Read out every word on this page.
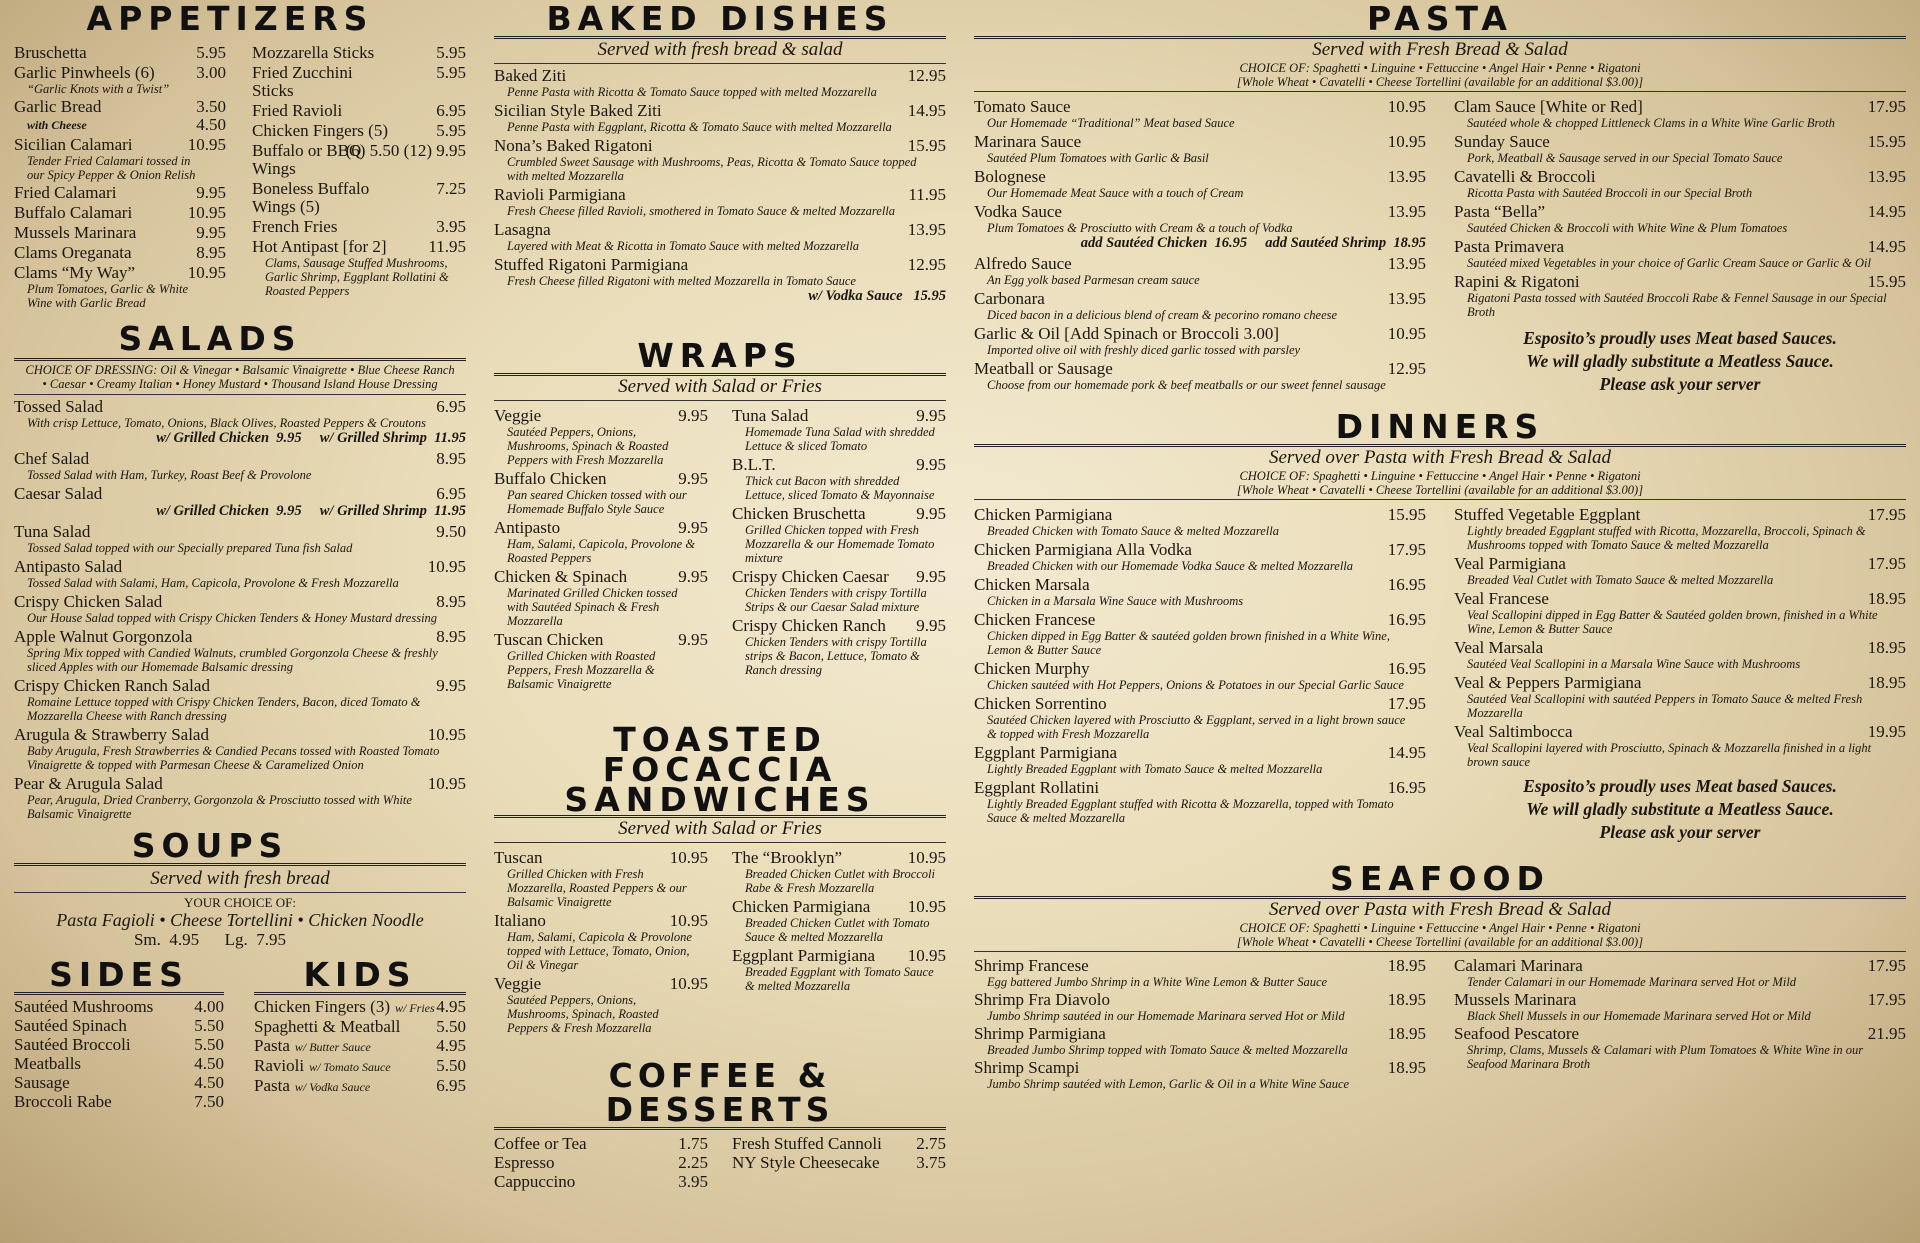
APPETIZERS
Bruschetta	5.95
Garlic Pinwheels (6)	3.00
“Garlic Knots with a Twist”
Garlic Bread	3.50
with Cheese	4.50
Sicilian Calamari	10.95
Tender Fried Calamari tossed in our Spicy Pepper & Onion Relish
Fried Calamari	9.95
Buffalo Calamari	10.95
Mussels Marinara	9.95
Clams Oreganata	8.95
Clams “My Way”	10.95
Plum Tomatoes, Garlic & White Wine with Garlic Bread
Mozzarella Sticks	5.95
Fried Zucchini Sticks
5.95
Fried Ravioli	6.95
Chicken Fingers (5)	5.95
Buffalo or BBQ Wings
(6) 5.50 (12) 9.95
Boneless Buffalo Wings (5)
7.25
French Fries	3.95
Hot Antipast [for 2]	11.95
Clams, Sausage Stuffed Mushrooms, Garlic Shrimp, Eggplant Rollatini & Roasted Peppers
SALADS
CHOICE OF DRESSING: Oil & Vinegar • Balsamic Vinaigrette • Blue Cheese Ranch • Caesar • Creamy Italian • Honey Mustard • Thousand Island House Dressing
Tossed Salad	6.95
With crisp Lettuce, Tomato, Onions, Black Olives, Roasted Peppers & Croutons
w/ Grilled Chicken  9.95     w/ Grilled Shrimp  11.95
Chef Salad	8.95
Tossed Salad with Ham, Turkey, Roast Beef & Provolone
Caesar Salad	6.95
w/ Grilled Chicken  9.95     w/ Grilled Shrimp  11.95
Tuna Salad	9.50
Tossed Salad topped with our Specially prepared Tuna fish Salad
Antipasto Salad	10.95
Tossed Salad with Salami, Ham, Capicola, Provolone & Fresh Mozzarella
Crispy Chicken Salad	8.95
Our House Salad topped with Crispy Chicken Tenders & Honey Mustard dressing
Apple Walnut Gorgonzola	8.95
Spring Mix topped with Candied Walnuts, crumbled Gorgonzola Cheese & freshly sliced Apples with our Homemade Balsamic dressing
Crispy Chicken Ranch Salad	9.95
Romaine Lettuce topped with Crispy Chicken Tenders, Bacon, diced Tomato & Mozzarella Cheese with Ranch dressing
Arugula & Strawberry Salad	10.95
Baby Arugula, Fresh Strawberries & Candied Pecans tossed with Roasted Tomato Vinaigrette & topped with Parmesan Cheese & Caramelized Onion
Pear & Arugula Salad	10.95
Pear, Arugula, Dried Cranberry, Gorgonzola & Prosciutto tossed with White Balsamic Vinaigrette
SOUPS
Served with fresh bread
YOUR CHOICE OF:
Pasta Fagioli • Cheese Tortellini • Chicken Noodle
Sm.  4.95      Lg.  7.95
SIDES
Sautéed Mushrooms	4.00
Sautéed Spinach	5.50
Sautéed Broccoli	5.50
Meatballs	4.50
Sausage	4.50
Broccoli Rabe	7.50
KIDS
Chicken Fingers (3) w/ Fries 4.95
Spaghetti & Meatball	5.50
Pasta w/ Butter Sauce	4.95
Ravioli w/ Tomato Sauce	5.50
Pasta w/ Vodka Sauce	6.95
BAKED DISHES
Served with fresh bread & salad
Baked Ziti	12.95
Penne Pasta with Ricotta & Tomato Sauce topped with melted Mozzarella
Sicilian Style Baked Ziti	14.95
Penne Pasta with Eggplant, Ricotta & Tomato Sauce with melted Mozzarella
Nona’s Baked Rigatoni	15.95
Crumbled Sweet Sausage with Mushrooms, Peas, Ricotta & Tomato Sauce topped with melted Mozzarella
Ravioli Parmigiana	11.95
Fresh Cheese filled Ravioli, smothered in Tomato Sauce & melted Mozzarella
Lasagna	13.95
Layered with Meat & Ricotta in Tomato Sauce with melted Mozzarella
Stuffed Rigatoni Parmigiana	12.95
Fresh Cheese filled Rigatoni with melted Mozzarella in Tomato Sauce
w/ Vodka Sauce   15.95
WRAPS
Served with Salad or Fries
Veggie	9.95
Sautéed Peppers, Onions, Mushrooms, Spinach & Roasted Peppers with Fresh Mozzarella
Buffalo Chicken	9.95
Pan seared Chicken tossed with our Homemade Buffalo Style Sauce
Antipasto	9.95
Ham, Salami, Capicola, Provolone & Roasted Peppers
Chicken & Spinach	9.95
Marinated Grilled Chicken tossed with Sautéed Spinach & Fresh Mozzarella
Tuscan Chicken	9.95
Grilled Chicken with Roasted Peppers, Fresh Mozzarella & Balsamic Vinaigrette
Tuna Salad	9.95
Homemade Tuna Salad with shredded Lettuce & sliced Tomato
B.L.T.	9.95
Thick cut Bacon with shredded Lettuce, sliced Tomato & Mayonnaise
Chicken Bruschetta	9.95
Grilled Chicken topped with Fresh Mozzarella & our Homemade Tomato mixture
Crispy Chicken Caesar	9.95
Chicken Tenders with crispy Tortilla Strips & our Caesar Salad mixture
Crispy Chicken Ranch	9.95
Chicken Tenders with crispy Tortilla strips & Bacon, Lettuce, Tomato & Ranch dressing
TOASTED FOCACCIA
SANDWICHES
Served with Salad or Fries
Tuscan	10.95
Grilled Chicken with Fresh Mozzarella, Roasted Peppers & our Balsamic Vinaigrette
Italiano	10.95
Ham, Salami, Capicola & Provolone topped with Lettuce, Tomato, Onion, Oil & Vinegar
Veggie	10.95
Sautéed Peppers, Onions, Mushrooms, Spinach, Roasted Peppers & Fresh Mozzarella
The “Brooklyn”	10.95
Breaded Chicken Cutlet with Broccoli Rabe & Fresh Mozzarella
Chicken Parmigiana	10.95
Breaded Chicken Cutlet with Tomato Sauce & melted Mozzarella
Eggplant Parmigiana	10.95
Breaded Eggplant with Tomato Sauce & melted Mozzarella
COFFEE & DESSERTS
Coffee or Tea	1.75
Espresso	2.25
Cappuccino	3.95
Fresh Stuffed Cannoli	2.75
NY Style Cheesecake	3.75
PASTA
Served with Fresh Bread & Salad
CHOICE OF: Spaghetti • Linguine • Fettuccine • Angel Hair • Penne • Rigatoni
[Whole Wheat • Cavatelli • Cheese Tortellini (available for an additional $3.00)]
Tomato Sauce	10.95
Our Homemade “Traditional” Meat based Sauce
Marinara Sauce	10.95
Sautéed Plum Tomatoes with Garlic & Basil
Bolognese	13.95
Our Homemade Meat Sauce with a touch of Cream
Vodka Sauce	13.95
Plum Tomatoes & Prosciutto with Cream & a touch of Vodka
add Sautéed Chicken  16.95     add Sautéed Shrimp  18.95
Alfredo Sauce	13.95
An Egg yolk based Parmesan cream sauce
Carbonara	13.95
Diced bacon in a delicious blend of cream & pecorino romano cheese
Garlic & Oil [Add Spinach or Broccoli 3.00]	10.95
Imported olive oil with freshly diced garlic tossed with parsley
Meatball or Sausage	12.95
Choose from our homemade pork & beef meatballs or our sweet fennel sausage
Clam Sauce [White or Red]	17.95
Sautéed whole & chopped Littleneck Clams in a White Wine Garlic Broth
Sunday Sauce	15.95
Pork, Meatball & Sausage served in our Special Tomato Sauce
Cavatelli & Broccoli	13.95
Ricotta Pasta with Sautéed Broccoli in our Special Broth
Pasta “Bella”	14.95
Sautéed Chicken & Broccoli with White Wine & Plum Tomatoes
Pasta Primavera	14.95
Sautéed mixed Vegetables in your choice of Garlic Cream Sauce or Garlic & Oil
Rapini & Rigatoni	15.95
Rigatoni Pasta tossed with Sautéed Broccoli Rabe & Fennel Sausage in our Special Broth
Esposito’s proudly uses Meat based Sauces.
We will gladly substitute a Meatless Sauce.
Please ask your server
DINNERS
Served over Pasta with Fresh Bread & Salad
CHOICE OF: Spaghetti • Linguine • Fettuccine • Angel Hair • Penne • Rigatoni
[Whole Wheat • Cavatelli • Cheese Tortellini (available for an additional $3.00)]
Chicken Parmigiana	15.95
Breaded Chicken with Tomato Sauce & melted Mozzarella
Chicken Parmigiana Alla Vodka	17.95
Breaded Chicken with our Homemade Vodka Sauce & melted Mozzarella
Chicken Marsala	16.95
Chicken in a Marsala Wine Sauce with Mushrooms
Chicken Francese	16.95
Chicken dipped in Egg Batter & sautéed golden brown finished in a White Wine, Lemon & Butter Sauce
Chicken Murphy	16.95
Chicken sautéed with Hot Peppers, Onions & Potatoes in our Special Garlic Sauce
Chicken Sorrentino	17.95
Sautéed Chicken layered with Prosciutto & Eggplant, served in a light brown sauce & topped with Fresh Mozzarella
Eggplant Parmigiana	14.95
Lightly Breaded Eggplant with Tomato Sauce & melted Mozzarella
Eggplant Rollatini	16.95
Lightly Breaded Eggplant stuffed with Ricotta & Mozzarella, topped with Tomato Sauce & melted Mozzarella
Stuffed Vegetable Eggplant	17.95
Lightly breaded Eggplant stuffed with Ricotta, Mozzarella, Broccoli, Spinach & Mushrooms topped with Tomato Sauce & melted Mozzarella
Veal Parmigiana	17.95
Breaded Veal Cutlet with Tomato Sauce & melted Mozzarella
Veal Francese	18.95
Veal Scallopini dipped in Egg Batter & Sautéed golden brown, finished in a White Wine, Lemon & Butter Sauce
Veal Marsala	18.95
Sautéed Veal Scallopini in a Marsala Wine Sauce with Mushrooms
Veal & Peppers Parmigiana	18.95
Sautéed Veal Scallopini with sautéed Peppers in Tomato Sauce & melted Fresh Mozzarella
Veal Saltimbocca	19.95
Veal Scallopini layered with Prosciutto, Spinach & Mozzarella finished in a light brown sauce
Esposito’s proudly uses Meat based Sauces.
We will gladly substitute a Meatless Sauce.
Please ask your server
SEAFOOD
Served over Pasta with Fresh Bread & Salad
CHOICE OF: Spaghetti • Linguine • Fettuccine • Angel Hair • Penne • Rigatoni
[Whole Wheat • Cavatelli • Cheese Tortellini (available for an additional $3.00)]
Shrimp Francese	18.95
Egg battered Jumbo Shrimp in a White Wine Lemon & Butter Sauce
Shrimp Fra Diavolo	18.95
Jumbo Shrimp sautéed in our Homemade Marinara served Hot or Mild
Shrimp Parmigiana	18.95
Breaded Jumbo Shrimp topped with Tomato Sauce & melted Mozzarella
Shrimp Scampi	18.95
Jumbo Shrimp sautéed with Lemon, Garlic & Oil in a White Wine Sauce
Calamari Marinara	17.95
Tender Calamari in our Homemade Marinara served Hot or Mild
Mussels Marinara	17.95
Black Shell Mussels in our Homemade Marinara served Hot or Mild
Seafood Pescatore	21.95
Shrimp, Clams, Mussels & Calamari with Plum Tomatoes & White Wine in our Seafood Marinara Broth
